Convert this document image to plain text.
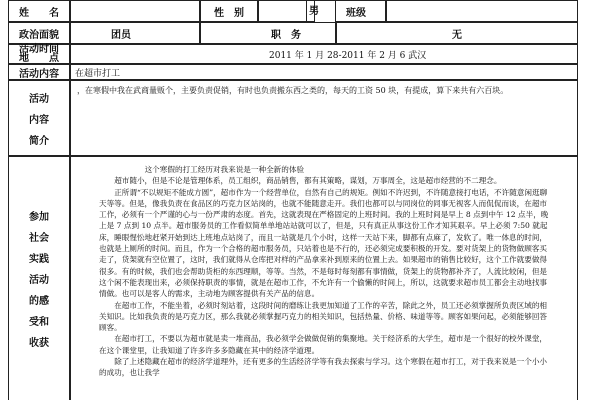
姓　　名	性　别	男	班级
政治面貌	团员	职　务	无
活动时间
地　　点	2011 年 1 月 28-2011 年 2 月 6 武汉
活动内容	在超市打工
活动
内容
简介

，在寒假中我在武商量贩个，主要负责促销，有时也负责搬东西之类的，每天的工资 50 块，有提成，算下来共有六百块。

参加
社会
实践
活动
的感
受和
收获

这个寒假的打工经历对我来说是一种全新的体验

超市随小，但是不论是管理体系，员工组织，商品销售，都有其策略，谋划，万事周全，这是超市经营的不二理念。

正所谓“不以规矩不能成方圆”，超市作为一个经营单位，自然有自己的规矩。例如不许迟到，不许随意接打电话，不许随意闲逛聊天等等。但是，像我负责在食品区的巧克力区站岗的，也就不能随意走开。我们也都可以与同岗位的同事无视客人而侃侃而谈，在超市工作，必须有一个严谨的心与一份严肃的态度。首先，这就表现在严格固定的上班时间。我的上班时间是早上 8 点到中午 12 点半，晚上是 7 点到 10 点半。超市服务员的工作看似简单单地站站就可以了，但是，只有真正从事这份工作才知其艰辛。早上必须 7:50 就起床，睡眼惺忪地赶紧开始到达上班地点站岗了，而且一站就是几个小时，这样一天站下来，脚都有点麻了，发软了。唯一体息的时间，也就是上厕所的时间。而且，作为一个合格的超市服务员，只站着也是不行的，还必须完成要积极的开发。要对货架上的货物做顾客买走了，货架就有空位置了，这时，我们就得从仓库把对样的产品拿来补到原来的位置上去。如果超市的销售比较好，这个工作就要做得很多。有的时候，我们也会帮助货柜的东西理顺，等等。当然，不是每时每刻都有事情做，货架上的货物都补齐了，人流比较闲，但是这个闲不能表现出来，必须保持职责的事情，就是在超市工作，不允许有一个偷懒的时间上，所以，这就要求超市员工都会主动地找事情做。也可以是客人的需求，主动地为顾客提供有关产品的信息。

在超市工作，不能坐着，必须时刻站着，这段时间的磨练让我更加知道了工作的辛苦，除此之外，员工还必须掌握所负责区域的相关知识。比如我负责的是巧克力区，那么我就必须掌握巧克力的相关知识，包括热量、价格、味道等等。顾客如果问起，必须能够回答顾客。

在超市打工，不要以为超市就是卖一堆商品，我必须学会做做促销的集聚地。关于经济系的大学生，超市是一个很好的校外课堂，在这个课堂里，让我知道了许多许多多隐藏在其中的经济学道理。

除了上述隐藏在超市的经济学道理外，还有更多的生活经济学等有我去探索与学习。这个寒假在超市打工，对于我来说是一个小小的成功，也让我学
